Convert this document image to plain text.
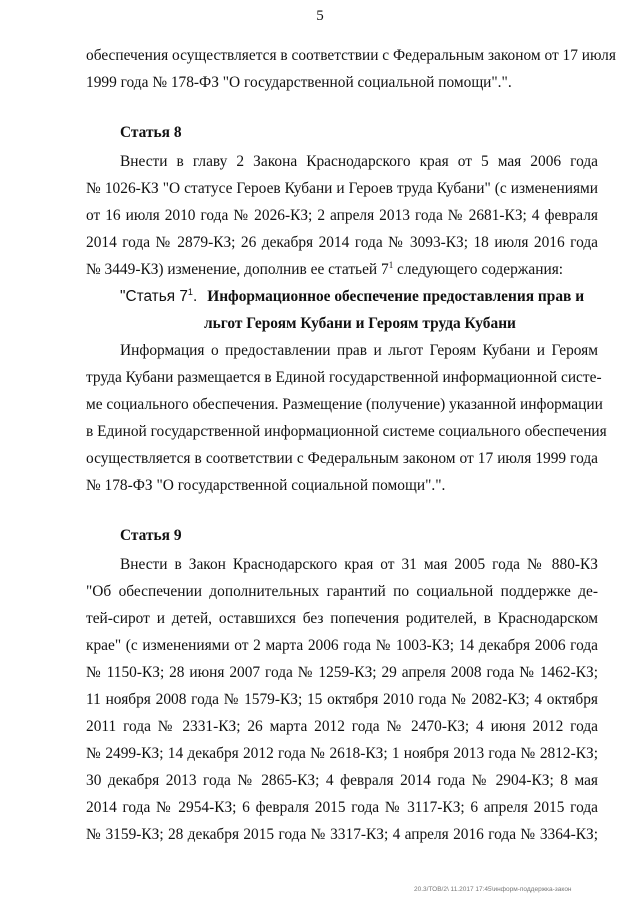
5
обеспечения осуществляется в соответствии с Федеральным законом от 17 июля
1999 года № 178-ФЗ "О государственной социальной помощи".".
Статья 8
Внести в главу 2 Закона Краснодарского края от 5 мая 2006 года
№ 1026-КЗ "О статусе Героев Кубани и Героев труда Кубани" (с изменениями
от 16 июля 2010 года № 2026-КЗ; 2 апреля 2013 года № 2681-КЗ; 4 февраля
2014 года № 2879-КЗ; 26 декабря 2014 года № 3093-КЗ; 18 июля 2016 года
№ 3449-КЗ) изменение, дополнив ее статьей $7^1$ следующего содержания:
"Статья $7^1$. Информационное обеспечение предоставления прав и
льгот Героям Кубани и Героям труда Кубани
Информация о предоставлении прав и льгот Героям Кубани и Героям
труда Кубани размещается в Единой государственной информационной систе-
ме социального обеспечения. Размещение (получение) указанной информации
в Единой государственной информационной системе социального обеспечения
осуществляется в соответствии с Федеральным законом от 17 июля 1999 года
№ 178-ФЗ "О государственной социальной помощи".".
Статья 9
Внести в Закон Краснодарского края от 31 мая 2005 года № 880-КЗ
"Об обеспечении дополнительных гарантий по социальной поддержке де-
тей-сирот и детей, оставшихся без попечения родителей, в Краснодарском
крае" (с изменениями от 2 марта 2006 года № 1003-КЗ; 14 декабря 2006 года
№ 1150-КЗ; 28 июня 2007 года № 1259-КЗ; 29 апреля 2008 года № 1462-КЗ;
11 ноября 2008 года № 1579-КЗ; 15 октября 2010 года № 2082-КЗ; 4 октября
2011 года № 2331-КЗ; 26 марта 2012 года № 2470-КЗ; 4 июня 2012 года
№ 2499-КЗ; 14 декабря 2012 года № 2618-КЗ; 1 ноября 2013 года № 2812-КЗ;
30 декабря 2013 года № 2865-КЗ; 4 февраля 2014 года № 2904-КЗ; 8 мая
2014 года № 2954-КЗ; 6 февраля 2015 года № 3117-КЗ; 6 апреля 2015 года
№ 3159-КЗ; 28 декабря 2015 года № 3317-КЗ; 4 апреля 2016 года № 3364-КЗ;
20.3/ТОВ/2\ 11.2017 17:45\информ-поддержка-закон
